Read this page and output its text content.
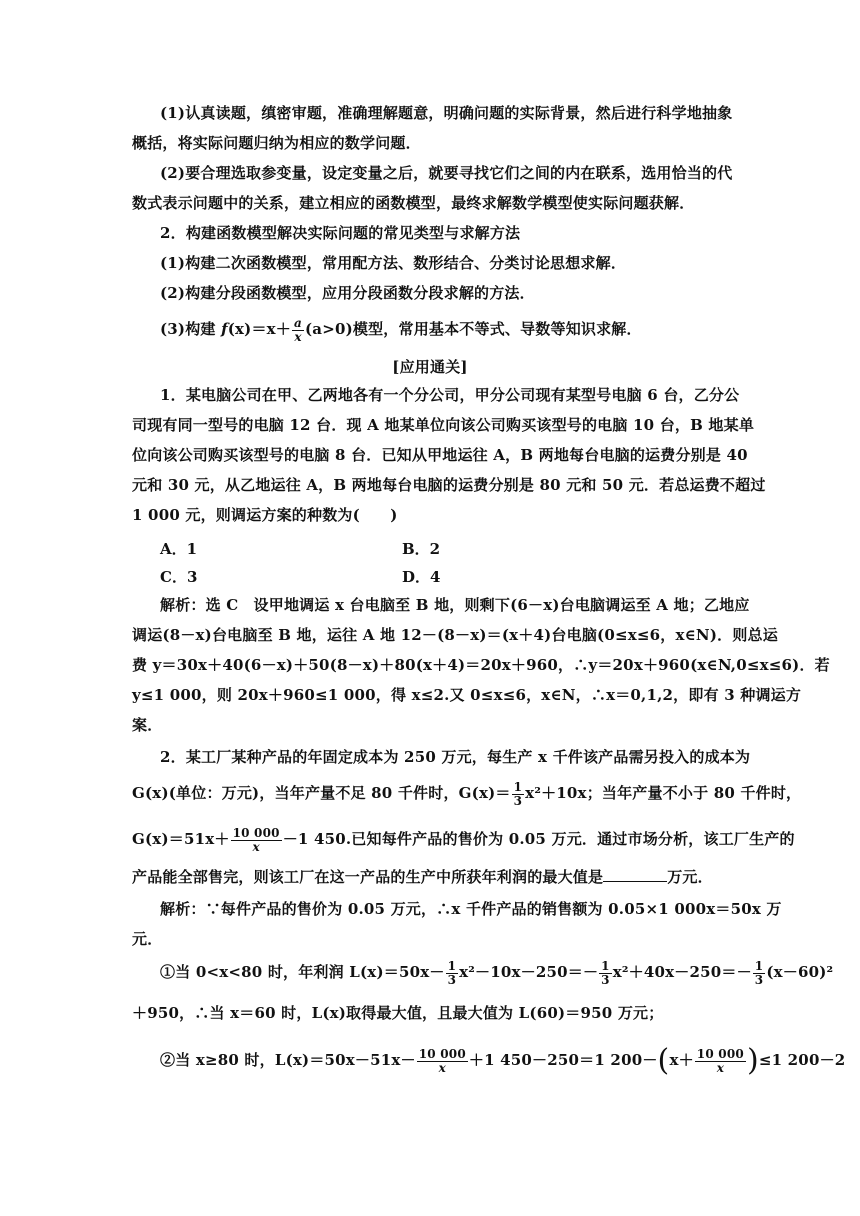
(1)认真读题，缜密审题，准确理解题意，明确问题的实际背景，然后进行科学地抽象
概括，将实际问题归纳为相应的数学问题．
(2)要合理选取参变量，设定变量之后，就要寻找它们之间的内在联系，选用恰当的代
数式表示问题中的关系，建立相应的函数模型，最终求解数学模型使实际问题获解．
2．构建函数模型解决实际问题的常见类型与求解方法
(1)构建二次函数模型，常用配方法、数形结合、分类讨论思想求解．
(2)构建分段函数模型，应用分段函数分段求解的方法．
(3)构建 $f(x)=x+ \frac{a}{x} (a>0)$模型，常用基本不等式、导数等知识求解．
[应用通关]
1．某电脑公司在甲、乙两地各有一个分公司，甲分公司现有某型号电脑 6 台，乙分公
司现有同一型号的电脑 12 台．现 A 地某单位向该公司购买该型号的电脑 10 台，B 地某单
位向该公司购买该型号的电脑 8 台．已知从甲地运往 A，B 两地每台电脑的运费分别是 40
元和 30 元，从乙地运往 A，B 两地每台电脑的运费分别是 80 元和 50 元．若总运费不超过
1 000 元，则调运方案的种数为(　　)
A．1	B．2
C．3	D．4
解析：选 C　设甲地调运 x 台电脑至 B 地，则剩下(6－x)台电脑调运至 A 地；乙地应
调运(8－x)台电脑至 B 地，运往 A 地 12－(8－x)＝(x＋4)台电脑(0≤x≤6，x∈N)．则总运
费 y＝30x＋40(6－x)＋50(8－x)＋80(x＋4)＝20x＋960，∴y＝20x＋960(x∈N,0≤x≤6)．若
y≤1 000，则 20x＋960≤1 000，得 x≤2.又 0≤x≤6，x∈N，∴x＝0,1,2，即有 3 种调运方
案．
2．某工厂某种产品的年固定成本为 250 万元，每生产 x 千件该产品需另投入的成本为
G(x)(单位：万元)，当年产量不足 80 千件时，$G(x)= \frac{1}{3} x^2+10x$；当年产量不小于 80 千件时，
$G(x)=51x+ \frac{10 000}{x} -1$ 450.已知每件产品的售价为 0.05 万元．通过市场分析，该工厂生产的
产品能全部售完，则该工厂在这一产品的生产中所获年利润的最大值是	万元．
解析：∵每件产品的售价为 0.05 万元，∴x 千件产品的销售额为 0.05×1 000x＝50x 万
元．
①当 0<x<80 时，年利润 $L(x)=50x- \frac{1}{3} x^2-10x-250=- \frac{1}{3} x^2+40x-250=- \frac{1}{3} (x-60)^2$
＋950，∴当 x＝60 时，L(x)取得最大值，且最大值为 L(60)＝950 万元；
②当 x≥80 时，$L(x)=50x-51x- \frac{10 000}{x} +1$ 450－250＝1 $200-(x+ \frac{10 000}{x} )\le 1$ 200－2
